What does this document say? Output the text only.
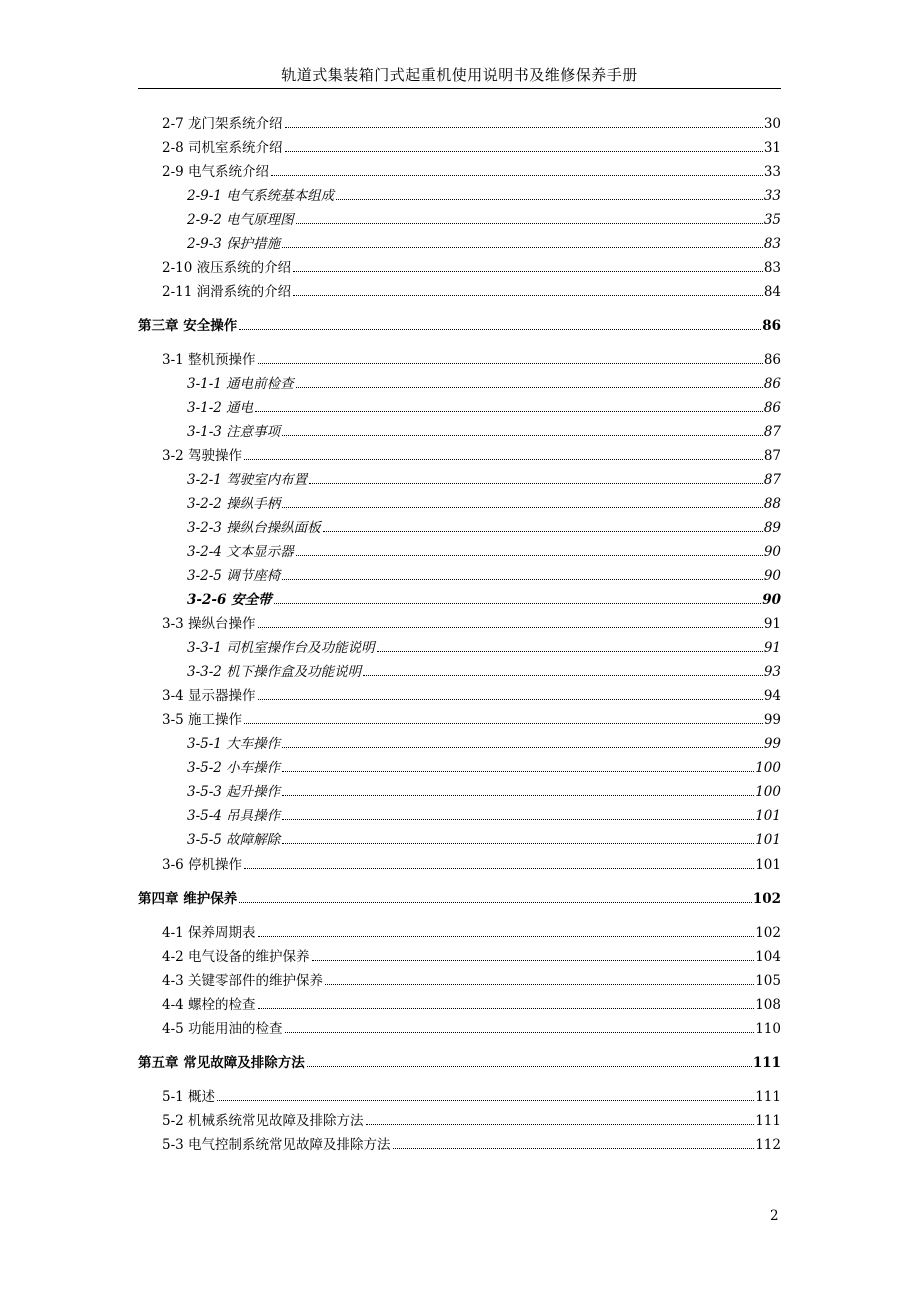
轨道式集装箱门式起重机使用说明书及维修保养手册
2-7 龙门架系统介绍	30
2-8 司机室系统介绍	31
2-9 电气系统介绍	33
2-9-1 电气系统基本组成	33
2-9-2 电气原理图	35
2-9-3 保护措施	83
2-10 液压系统的介绍	83
2-11 润滑系统的介绍	84
第三章 安全操作	86
3-1 整机预操作	86
3-1-1 通电前检查	86
3-1-2 通电	86
3-1-3 注意事项	87
3-2 驾驶操作	87
3-2-1 驾驶室内布置	87
3-2-2 操纵手柄	88
3-2-3 操纵台操纵面板	89
3-2-4 文本显示器	90
3-2-5 调节座椅	90
3-2-6 安全带	90
3-3 操纵台操作	91
3-3-1 司机室操作台及功能说明	91
3-3-2 机下操作盒及功能说明	93
3-4 显示器操作	94
3-5 施工操作	99
3-5-1 大车操作	99
3-5-2 小车操作	100
3-5-3 起升操作	100
3-5-4 吊具操作	101
3-5-5 故障解除	101
3-6 停机操作	101
第四章 维护保养	102
4-1 保养周期表	102
4-2 电气设备的维护保养	104
4-3 关键零部件的维护保养	105
4-4 螺栓的检查	108
4-5 功能用油的检查	110
第五章 常见故障及排除方法	111
5-1 概述	111
5-2 机械系统常见故障及排除方法	111
5-3 电气控制系统常见故障及排除方法	112
2
